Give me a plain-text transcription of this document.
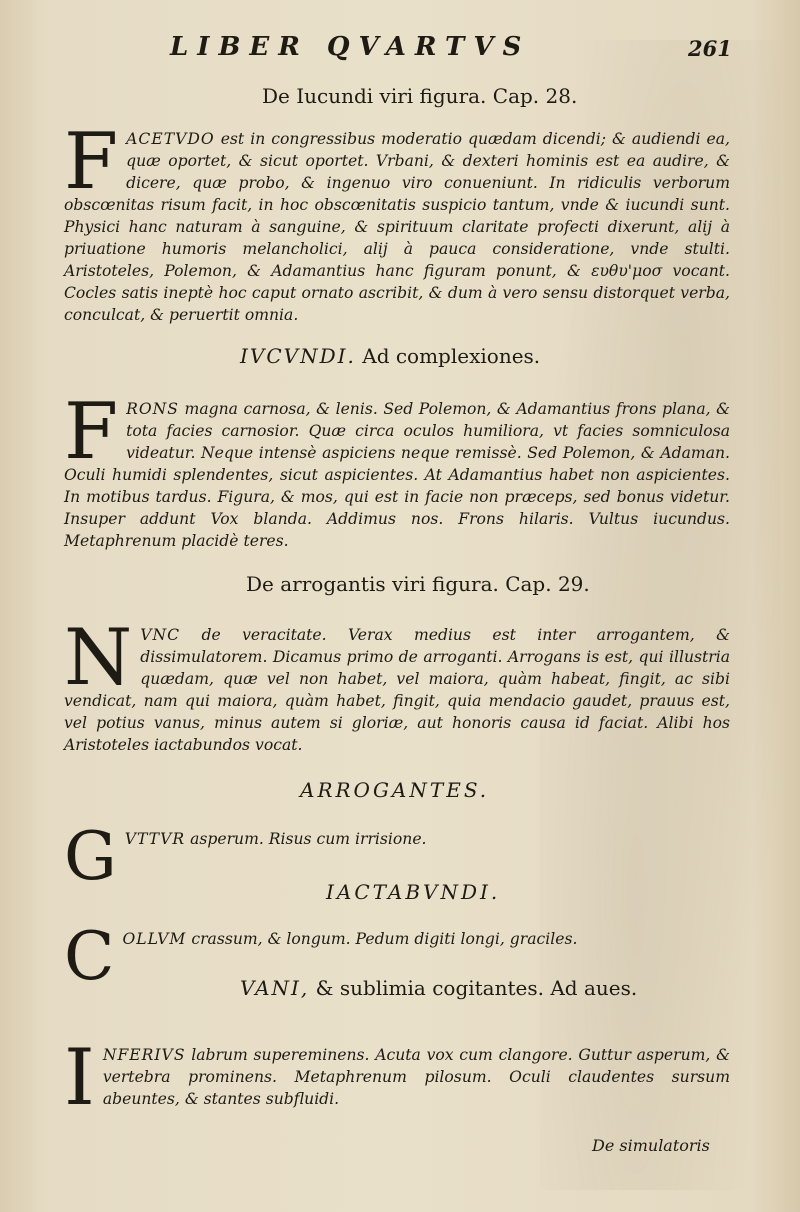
LIBER QVARTVS	261
De Iucundi viri figura. Cap. 28.
F ACETVDO est in congressibus moderatio quædam dicendi; & audiendi ea, quæ oportet, & sicut oportet. Vrbani, & dexteri hominis est ea audire, & dicere, quæ probo, & ingenuo viro conueniunt. In ridiculis verborum obscœnitas risum facit, in hoc obscœnitatis suspicio tantum, vnde & iucundi sunt. Physici hanc naturam à sanguine, & spirituum claritate profecti dixerunt, alij à priuatione humoris melancholici, alij à pauca consideratione, vnde stulti. Aristoteles, Polemon, & Adamantius hanc figuram ponunt, & ευθυ'μοσ vocant. Cocles satis ineptè hoc caput ornato ascribit, & dum à vero sensu distorquet verba, conculcat, & peruertit omnia.
IVCVNDI. Ad complexiones.
F RONS magna carnosa, & lenis. Sed Polemon, & Adamantius frons plana, & tota facies carnosior. Quæ circa oculos humiliora, vt facies somniculosa videatur. Neque intensè aspiciens neque remissè. Sed Polemon, & Adaman. Oculi humidi splendentes, sicut aspicientes. At Adamantius habet non aspicientes. In motibus tardus. Figura, & mos, qui est in facie non præceps, sed bonus videtur. Insuper addunt Vox blanda. Addimus nos. Frons hilaris. Vultus iucundus. Metaphrenum placidè teres.
De arrogantis viri figura. Cap. 29.
N VNC de veracitate. Verax medius est inter arrogantem, & dissimulatorem. Dicamus primo de arroganti. Arrogans is est, qui illustria quædam, quæ vel non habet, vel maiora, quàm habeat, fingit, ac sibi vendicat, nam qui maiora, quàm habet, fingit, quia mendacio gaudet, prauus est, vel potius vanus, minus autem si gloriæ, aut honoris causa id faciat. Alibi hos Aristoteles iactabundos vocat.
ARROGANTES.
G VTTVR asperum. Risus cum irrisione.
IACTABVNDI.
C OLLVM crassum, & longum. Pedum digiti longi, graciles.
VANI, & sublimia cogitantes. Ad aues.
I NFERIVS labrum supereminens. Acuta vox cum clangore. Guttur asperum, & vertebra prominens. Metaphrenum pilosum. Oculi claudentes sursum abeuntes, & stantes subfluidi.
De simulatoris
